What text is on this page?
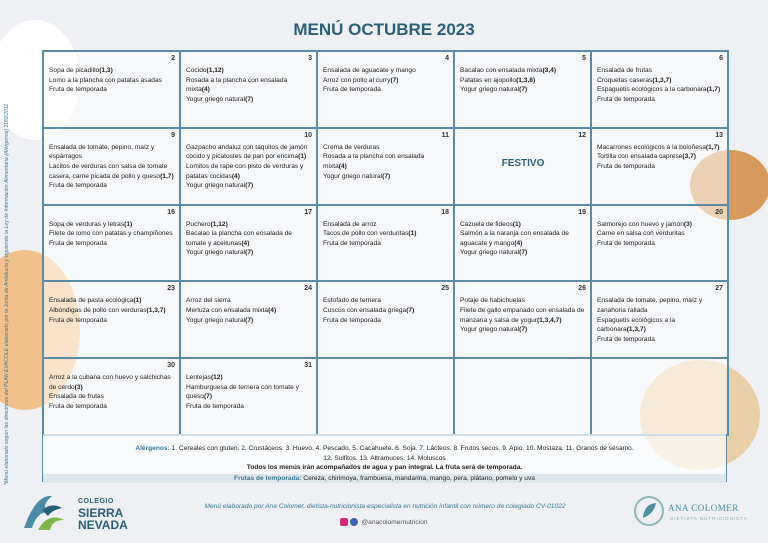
MENÚ OCTUBRE 2023
2
Sopa de picadillo(1,3)
Lomo a la plancha con patatas asadas
Fruta de temporada
3
Cocido(1,12)
Rosada a la plancha con ensalada mixta(4)
Yogur griego natural(7)
4
Ensalada de aguacate y mango
Arroz con pollo al curry(7)
Fruta de temporada
5
Bacalao con ensalada mixta(3,4)
Patatas en ajopollo(1,3,8)
Yogur griego natural(7)
6
Ensalada de frutas
Croquetas caseras(1,3,7)
Espaguetis ecológicos a la carbonara(1,7)
Fruta de temporada
9
Ensalada de tomate, pepino, maíz y espárragos
Lacitos de verduras con salsa de tomate casera, carne picada de pollo y queso(1,7)
Fruta de temporada
10
Gazpacho andaluz con taquitos de jamón cocido y picatostes de pan por encima(1)
Lomitos de rape con pisto de verduras y patatas cocidas(4)
Yogur griego natural(7)
11
Crema de verduras
Rosada a la plancha con ensalada mixta(4)
Yogur griego natural(7)
12
FESTIVO
13
Macarrones ecológicos a la boloñesa(1,7)
Tortilla con ensalada caprese(3,7)
Fruta de temporada
16
Sopa de verduras y letras(1)
Filete de lomo con patatas y champiñones
Fruta de temporada
17
Puchero(1,12)
Bacalao la plancha con ensalada de tomate y aceitunas(4)
Yogur griego natural(7)
18
Ensalada de arroz
Tacos de pollo con verduritas(1)
Fruta de temporada
19
Cazuela de fideos(1)
Salmón a la naranja con ensalada de aguacate y mango(4)
Yogur griego natural(7)
20
Salmorejo con huevo y jamón(3)
Carne en salsa con verduritas
Fruta de temporada
23
Ensalada de pasta ecológica(1)
Albóndigas de pollo con verduras(1,3,7)
Fruta de temporada
24
Arroz del sierra
Merluza con ensalada mixta(4)
Yogur griego natural(7)
25
Estofado de ternera
Cuscús con ensalada griega(7)
Fruta de temporada
26
Potaje de habichuelas
Filete de gallo empanado con ensalada de manzana y salsa de yogur(1,3,4,7)
Yogur griego natural(7)
27
Ensalada de tomate, pepino, maíz y zanahoria rallada
Espaguetis ecológicos a la carbonara(1,3,7)
Fruta de temporada
30
Arroz a la cubana con huevo y salchichas de cerdo(3)
Ensalada de frutas
Fruta de temporada
31
Lentejas(12)
Hamburguesa de ternera con tomate y queso(7)
Fruta de temporada
Alérgenos: 1. Cereales con gluten. 2. Crustáceos. 3. Huevo. 4. Pescado. 5. Cacahuete. 6. Soja. 7. Lácteos. 8. Frutos secos. 9. Apio. 10. Mostaza. 11. Granos de sésamo.
12. Sulfitos. 13. Altramuces. 14. Moluscos
Todos los menús irán acompañados de agua y pan integral. La fruta será de temporada.
Frutas de temporada: Cereza, chirimoya, frambuesa, mandarina, mango, pera, plátano, pomelo y uva
*Menú elaborado según las directrices del PLAN EVACOLE elaborado por la Junta de Andalucía y siguiendo la Ley de Información Alimentaria (Alérgenos) 1169/2011
COLEGIO
SIERRA
NEVADA
Menú elaborado por Ana Colomer, dietista-nutricionista especialista en nutrición infantil con número de colegiado CV-01022
@anacolomernutricion
ANA COLOMER
DIETISTA NUTRICIONISTA
